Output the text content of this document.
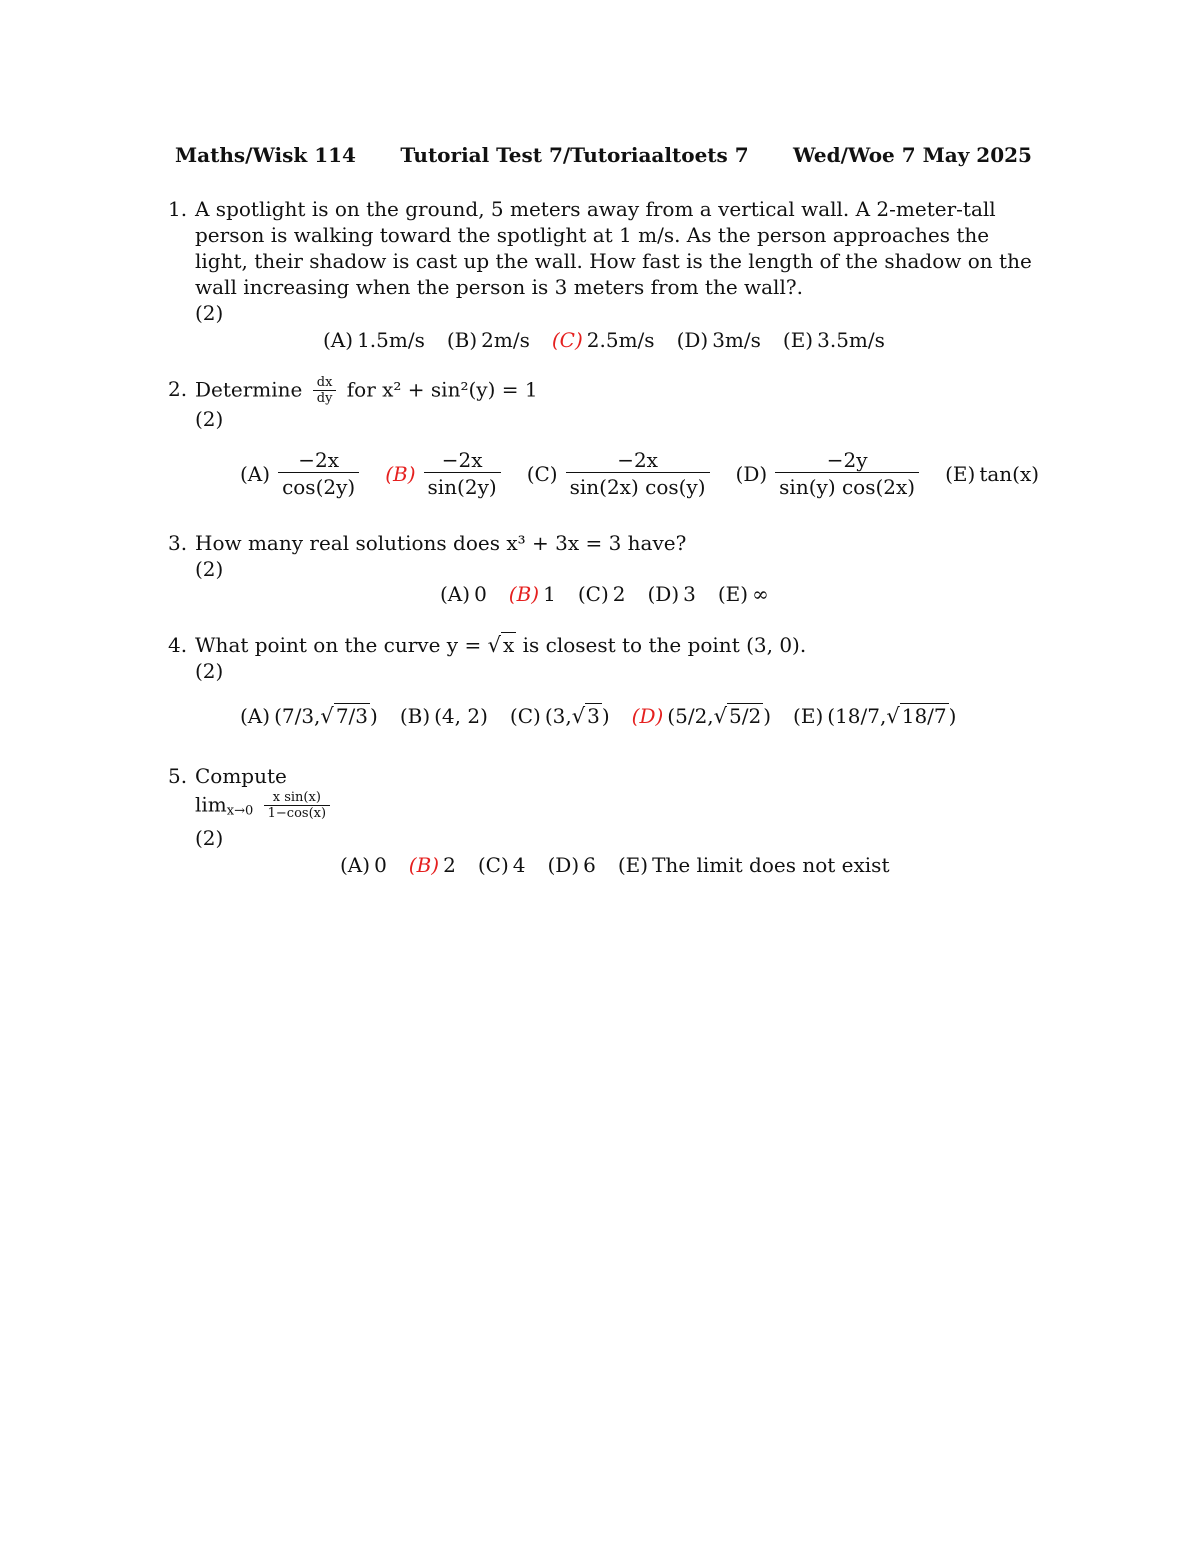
Maths/Wisk 114 Tutorial Test 7/Tutoriaaltoets 7 Wed/Woe 7 May 2025
1. A spotlight is on the ground, 5 meters away from a vertical wall. A 2-meter-tall person is walking toward the spotlight at 1 m/s. As the person approaches the light, their shadow is cast up the wall. How fast is the length of the shadow on the wall increasing when the person is 3 meters from the wall?.
(2)
(A) 1.5m/s (B) 2m/s (C) 2.5m/s (D) 3m/s (E) 3.5m/s
2. Determine $\frac{dx}{dy}$ for x² + sin²(y) = 1
(2)
$(A) \frac{-2x}{\cos(2y)} (B) \frac{-2x}{\sin(2y)} (C) \frac{-2x}{\sin(2x) \cos(y)} (D) \frac{-2y}{\sin(y) \cos(2x)} (E)$ tan(x)
3. How many real solutions does x³ + 3x = 3 have?
(2)
(A) 0 (B) 1 (C) 2 (D) 3 (E) ∞
4. What point on the curve y = √ x is closest to the point (3, 0).
(2)
(A) (7/3, √ 7/3 ) (B) (4, 2) (C) (3, √ 3 ) (D) (5/2, √ 5/2 ) (E) (18/7, √ 18/7 )
5. Compute
$\lim_{x\to 0} \frac{\text{x sin(x)}}{1-\cos(x)}$
(2)
(A) 0 (B) 2 (C) 4 (D) 6 (E) The limit does not exist
